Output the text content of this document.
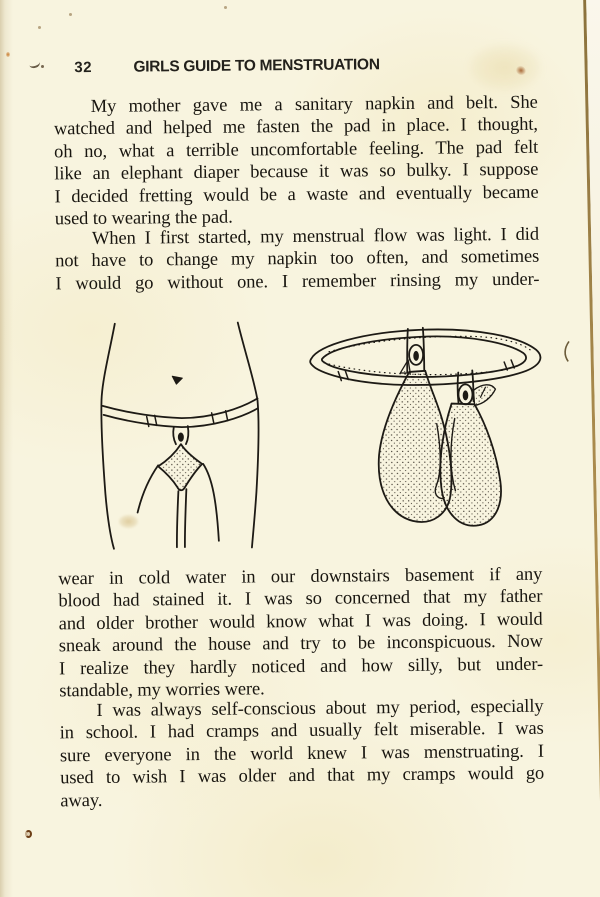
32	GIRLS GUIDE TO MENSTRUATION
My mother gave me a sanitary napkin and belt. She
watched and helped me fasten the pad in place. I thought,
oh no, what a terrible uncomfortable feeling. The pad felt
like an elephant diaper because it was so bulky. I suppose
I decided fretting would be a waste and eventually became
used to wearing the pad.
When I first started, my menstrual flow was light. I did
not have to change my napkin too often, and sometimes
I would go without one. I remember rinsing my under-
wear in cold water in our downstairs basement if any
blood had stained it. I was so concerned that my father
and older brother would know what I was doing. I would
sneak around the house and try to be inconspicuous. Now
I realize they hardly noticed and how silly, but under-
standable, my worries were.
I was always self-conscious about my period, especially
in school. I had cramps and usually felt miserable. I was
sure everyone in the world knew I was menstruating. I
used to wish I was older and that my cramps would go
away.
